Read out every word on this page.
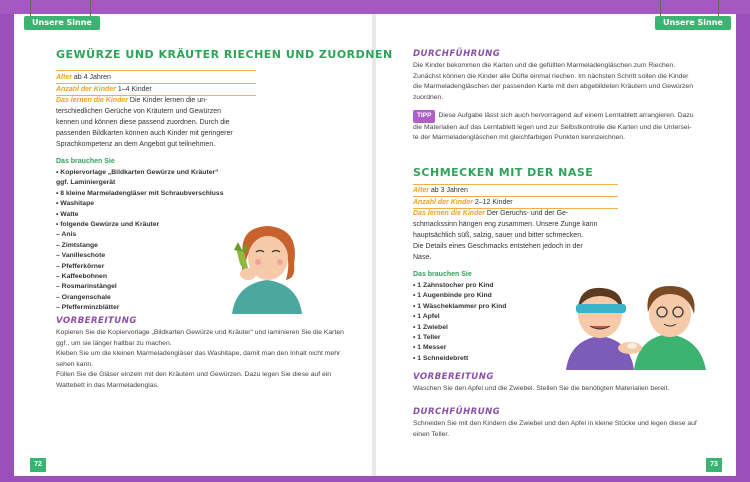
Unsere Sinne	Unsere Sinne
GEWÜRZE UND KRÄUTER RIECHEN UND ZUORDNEN
Alter ab 4 Jahren
Anzahl der Kinder 1–4 Kinder
Das lernen die Kinder Die Kinder lernen die un-
terschiedlichen Gerüche von Kräutern und Gewürzen
kennen und können diese passend zuordnen. Durch die
passenden Bildkarten können auch Kinder mit geringerer
Sprachkompetenz an dem Angebot gut teilnehmen.
Das brauchen Sie
• Kopiervorlage „Bildkarten Gewürze und Kräuter“
ggf. Laminiergerät
• 8 kleine Marmeladengläser mit Schraubverschluss
• Washitape
• Watte
• folgende Gewürze und Kräuter
– Anis
– Zimtstange
– Vanilleschote
– Pfefferkörner
– Kaffeebohnen
– Rosmarinstängel
– Orangenschale
– Pfefferminzblätter
VORBEREITUNG
Kopieren Sie die Kopiervorlage „Bildkarten Gewürze und Kräuter“ und laminieren Sie die Karten
ggf., um sie länger haltbar zu machen.
Kleben Sie um die kleinen Marmeladengläser das Washitape, damit man den Inhalt nicht mehr
sehen kann.
Füllen Sie die Gläser einzeln mit den Kräutern und Gewürzen. Dazu legen Sie diese auf ein
Wattebett in das Marmeladenglas.
72
DURCHFÜHRUNG
Die Kinder bekommen die Karten und die gefüllten Marmeladengläschen zum Riechen.
Zunächst können die Kinder alle Düfte einmal riechen. Im nächsten Schritt sollen die Kinder
die Marmeladengläschen der passenden Karte mit den abgebildeten Kräutern und Gewürzen
zuordnen.
TIPP Diese Aufgabe lässt sich auch hervorragend auf einem Lerntablett arrangieren. Dazu
die Materialien auf das Lerntablett legen und zur Selbstkontrolle die Karten und die Untersei-
te der Marmeladengläschen mit gleichfarbigen Punkten kennzeichnen.
SCHMECKEN MIT DER NASE
Alter ab 3 Jahren
Anzahl der Kinder 2–12 Kinder
Das lernen die Kinder Der Geruchs- und der Ge-
schmackssinn hängen eng zusammen. Unsere Zunge kann
hauptsächlich süß, salzig, sauer und bitter schmecken.
Die Details eines Geschmacks entstehen jedoch in der
Nase.
Das brauchen Sie
• 1 Zahnstocher pro Kind
• 1 Augenbinde pro Kind
• 1 Wäscheklammer pro Kind
• 1 Apfel
• 1 Zwiebel
• 1 Teller
• 1 Messer
• 1 Schneidebrett
VORBEREITUNG
Waschen Sie den Apfel und die Zwiebel. Stellen Sie die benötigten Materialien bereit.
DURCHFÜHRUNG
Schneiden Sie mit den Kindern die Zwiebel und den Apfel in kleine Stücke und legen diese auf
einen Teller.
73
